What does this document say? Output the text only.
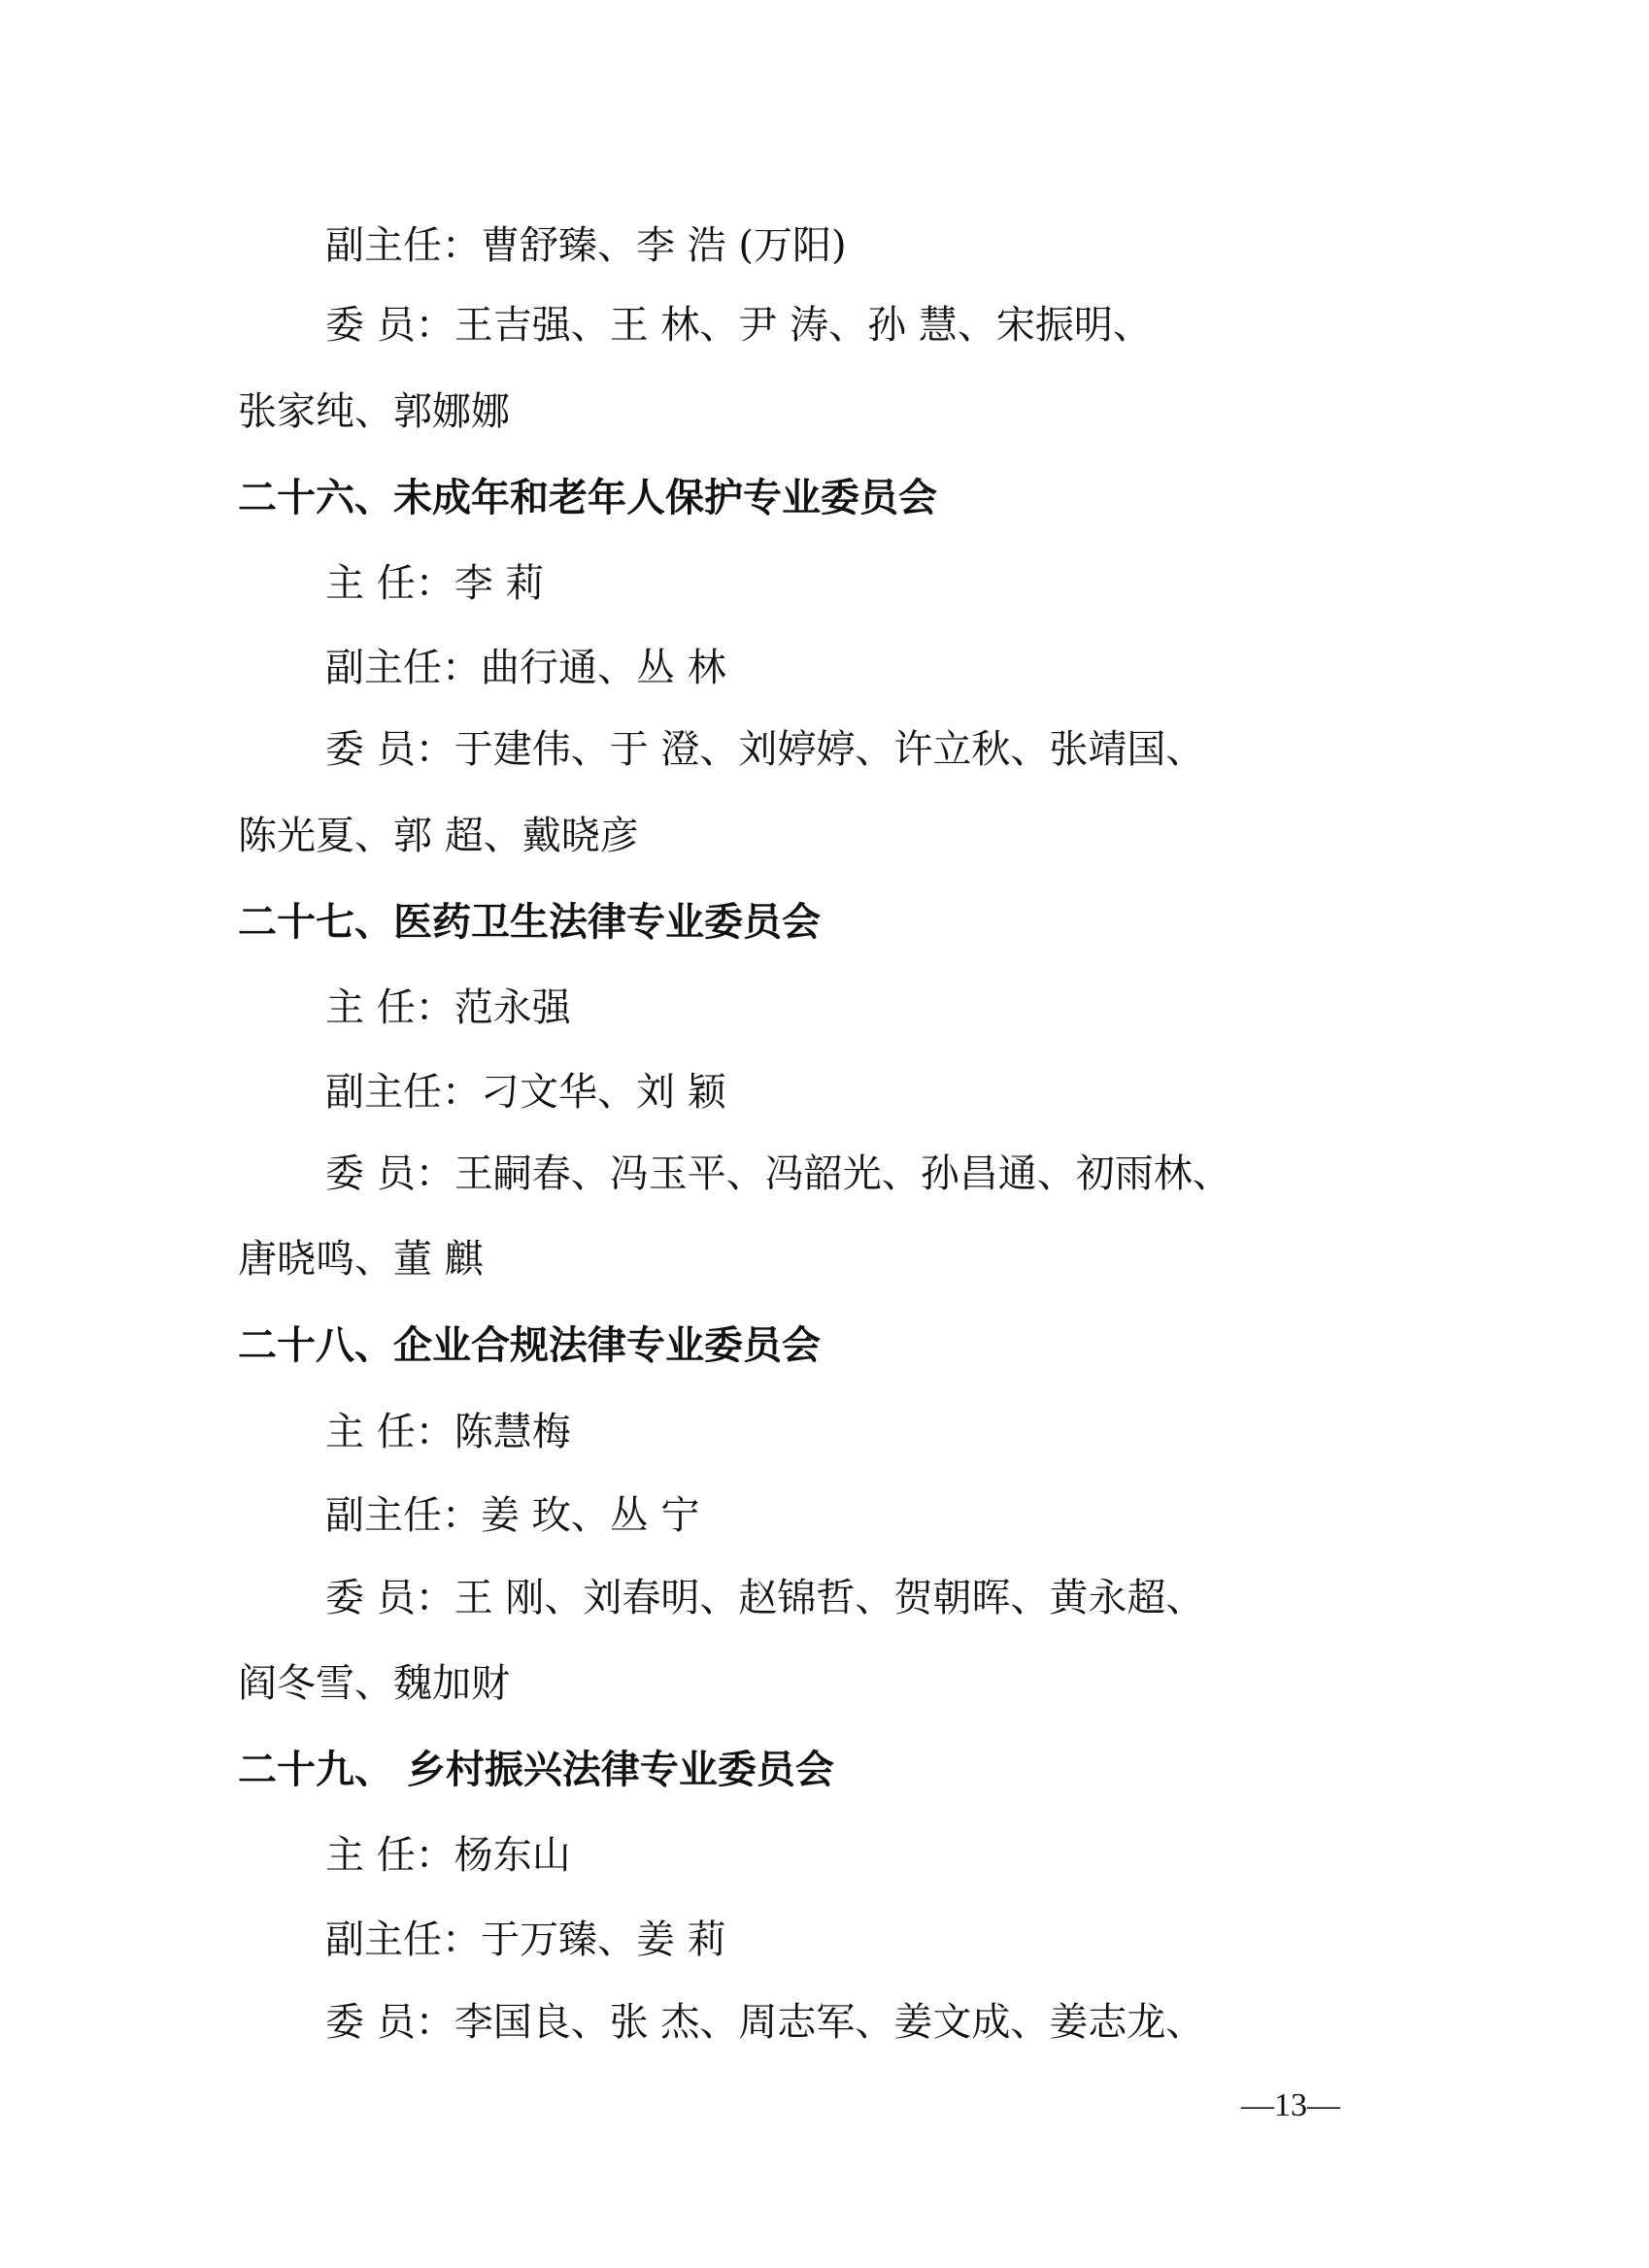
副主任：曹舒臻、李 浩 (万阳)
委 员：王吉强、王 林、尹 涛、孙 慧、宋振明、
张家纯、郭娜娜
二十六、未成年和老年人保护专业委员会
主 任：李 莉
副主任：曲行通、丛 林
委 员：于建伟、于 澄、刘婷婷、许立秋、张靖国、
陈光夏、郭 超、戴晓彦
二十七、医药卫生法律专业委员会
主 任：范永强
副主任：刁文华、刘 颖
委 员：王嗣春、冯玉平、冯韶光、孙昌通、初雨林、
唐晓鸣、董 麒
二十八、企业合规法律专业委员会
主 任：陈慧梅
副主任：姜 玫、丛 宁
委 员：王 刚、刘春明、赵锦哲、贺朝晖、黄永超、
阎冬雪、魏加财
二十九、 乡村振兴法律专业委员会
主 任：杨东山
副主任：于万臻、姜 莉
委 员：李国良、张 杰、周志军、姜文成、姜志龙、
—13—
